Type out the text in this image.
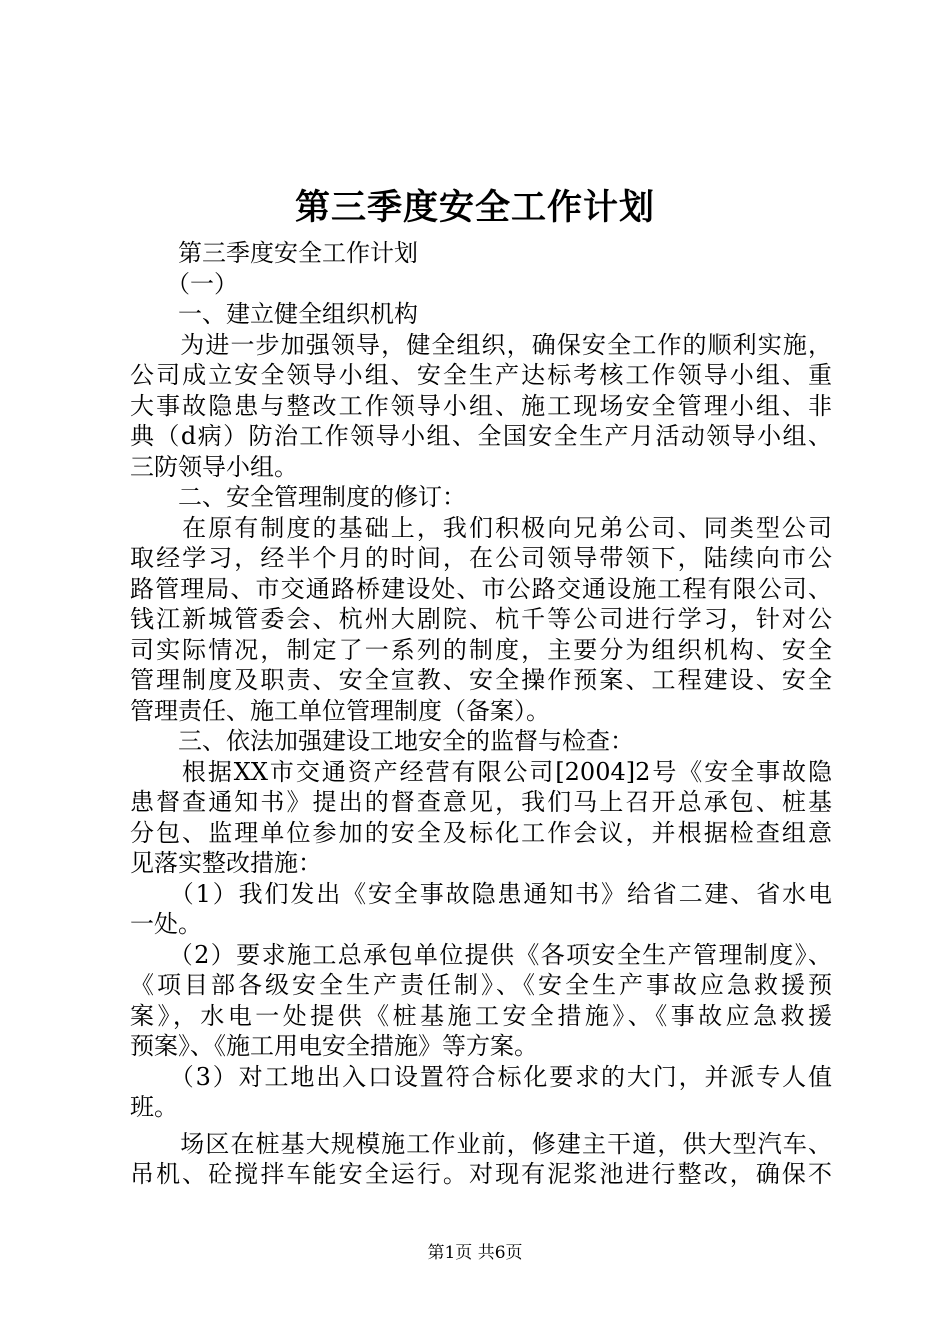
第三季度安全工作计划
　　第三季度安全工作计划
　　（一）
　　一、建立健全组织机构
　　为进一步加强领导，健全组织，确保安全工作的顺利实施，
公司成立安全领导小组、安全生产达标考核工作领导小组、重
大事故隐患与整改工作领导小组、施工现场安全管理小组、非
典（d病）防治工作领导小组、全国安全生产月活动领导小组、
三防领导小组。
　　二、安全管理制度的修订：
　　在原有制度的基础上，我们积极向兄弟公司、同类型公司
取经学习，经半个月的时间，在公司领导带领下，陆续向市公
路管理局、市交通路桥建设处、市公路交通设施工程有限公司、
钱江新城管委会、杭州大剧院、杭千等公司进行学习，针对公
司实际情况，制定了一系列的制度，主要分为组织机构、安全
管理制度及职责、安全宣教、安全操作预案、工程建设、安全
管理责任、施工单位管理制度（备案）。
　　三、依法加强建设工地安全的监督与检查：
　　根据XX市交通资产经营有限公司[2004]2号《安全事故隐
患督查通知书》提出的督查意见，我们马上召开总承包、桩基
分包、监理单位参加的安全及标化工作会议，并根据检查组意
见落实整改措施：
　　（1）我们发出《安全事故隐患通知书》给省二建、省水电
一处。
　　（2）要求施工总承包单位提供《各项安全生产管理制度》、
《项目部各级安全生产责任制》、《安全生产事故应急救援预
案》，水电一处提供《桩基施工安全措施》、《事故应急救援
预案》、《施工用电安全措施》等方案。
　　（3）对工地出入口设置符合标化要求的大门，并派专人值
班。
　　场区在桩基大规模施工作业前，修建主干道，供大型汽车、
吊机、砼搅拌车能安全运行。对现有泥浆池进行整改，确保不
第1页 共6页
